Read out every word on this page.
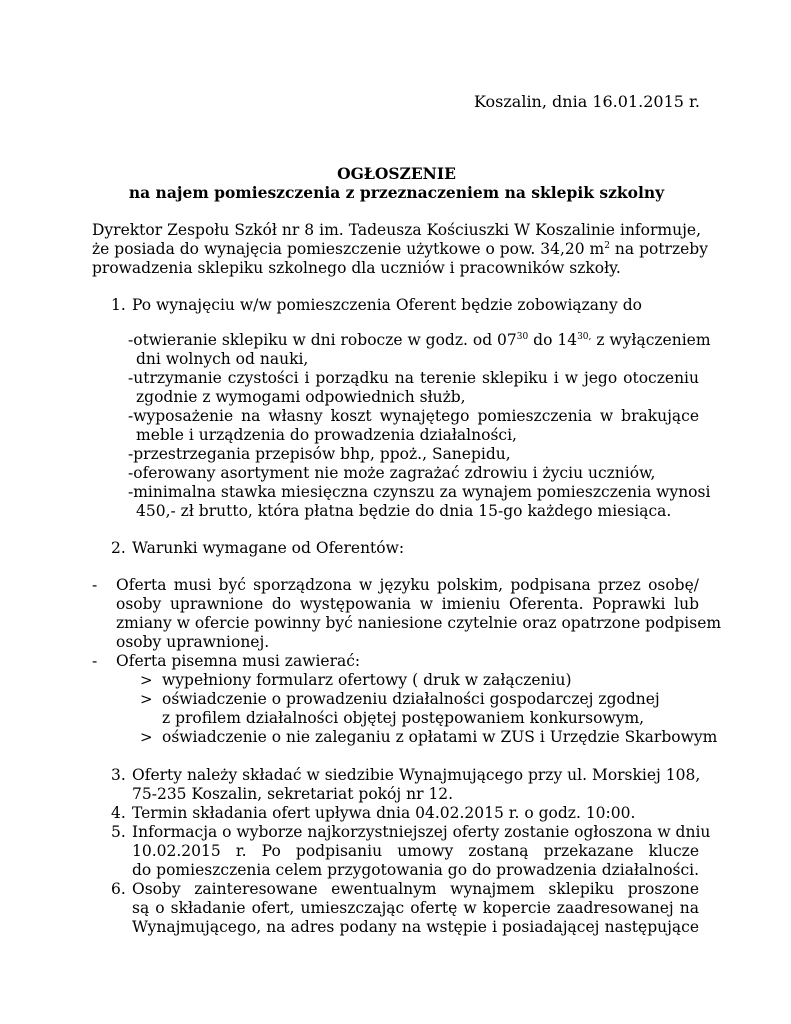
Koszalin, dnia 16.01.2015 r.
OGŁOSZENIE
na najem pomieszczenia z przeznaczeniem na sklepik szkolny
Dyrektor Zespołu Szkół nr 8 im. Tadeusza Kościuszki W Koszalinie informuje,
że posiada do wynajęcia pomieszczenie użytkowe o pow. 34,20 $m^2$ na potrzeby
prowadzenia sklepiku szkolnego dla uczniów i pracowników szkoły.
1. Po wynajęciu w/w pomieszczenia Oferent będzie zobowiązany do
-otwieranie sklepiku w dni robocze w godz. od $07^{30}$ do $14^{30,}$ z wyłączeniem
dni wolnych od nauki,
-utrzymanie czystości i porządku na terenie sklepiku i w jego otoczeniu
zgodnie z wymogami odpowiednich służb,
-wyposażenie na własny koszt wynajętego pomieszczenia w brakujące
meble i urządzenia do prowadzenia działalności,
-przestrzegania przepisów bhp, ppoż., Sanepidu,
-oferowany asortyment nie może zagrażać zdrowiu i życiu uczniów,
-minimalna stawka miesięczna czynszu za wynajem pomieszczenia wynosi
450,- zł brutto, która płatna będzie do dnia 15-go każdego miesiąca.
2. Warunki wymagane od Oferentów:
- Oferta musi być sporządzona w języku polskim, podpisana przez osobę/
osoby uprawnione do występowania w imieniu Oferenta. Poprawki lub
zmiany w ofercie powinny być naniesione czytelnie oraz opatrzone podpisem
osoby uprawnionej.
- Oferta pisemna musi zawierać:
> wypełniony formularz ofertowy ( druk w załączeniu)
> oświadczenie o prowadzeniu działalności gospodarczej zgodnej
z profilem działalności objętej postępowaniem konkursowym,
> oświadczenie o nie zaleganiu z opłatami w ZUS i Urzędzie Skarbowym
3. Oferty należy składać w siedzibie Wynajmującego przy ul. Morskiej 108,
75-235 Koszalin, sekretariat pokój nr 12.
4. Termin składania ofert upływa dnia 04.02.2015 r. o godz. 10:00.
5. Informacja o wyborze najkorzystniejszej oferty zostanie ogłoszona w dniu
10.02.2015 r. Po podpisaniu umowy zostaną przekazane klucze
do pomieszczenia celem przygotowania go do prowadzenia działalności.
6. Osoby zainteresowane ewentualnym wynajmem sklepiku proszone
są o składanie ofert, umieszczając ofertę w kopercie zaadresowanej na
Wynajmującego, na adres podany na wstępie i posiadającej następujące
